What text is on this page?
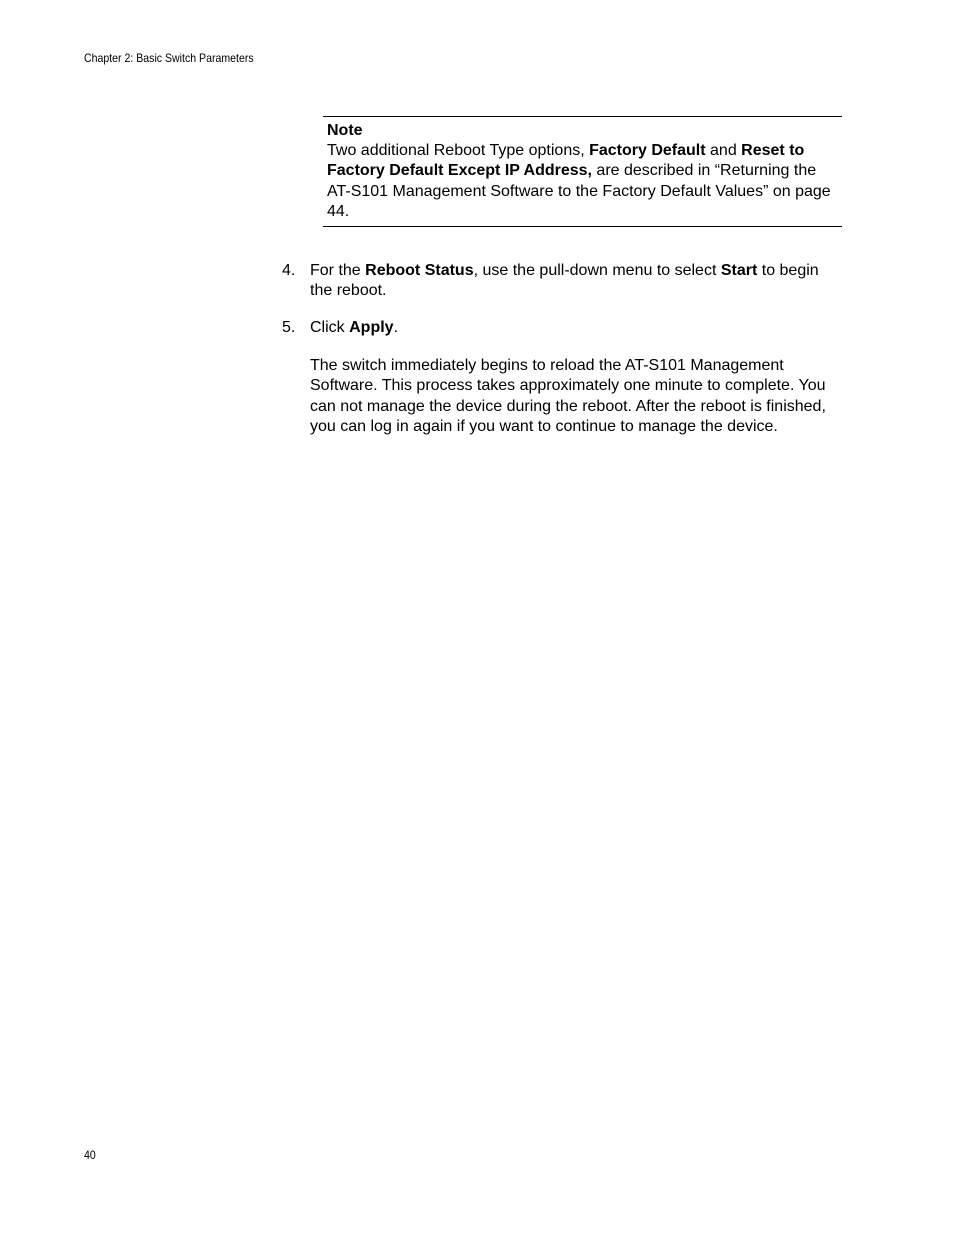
Chapter 2: Basic Switch Parameters
Note
Two additional Reboot Type options, Factory Default and Reset to Factory Default Except IP Address, are described in “Returning the AT-S101 Management Software to the Factory Default Values” on page 44.
4. For the Reboot Status, use the pull-down menu to select Start to begin the reboot.
5. Click Apply.
The switch immediately begins to reload the AT-S101 Management Software. This process takes approximately one minute to complete. You can not manage the device during the reboot. After the reboot is finished, you can log in again if you want to continue to manage the device.
40
